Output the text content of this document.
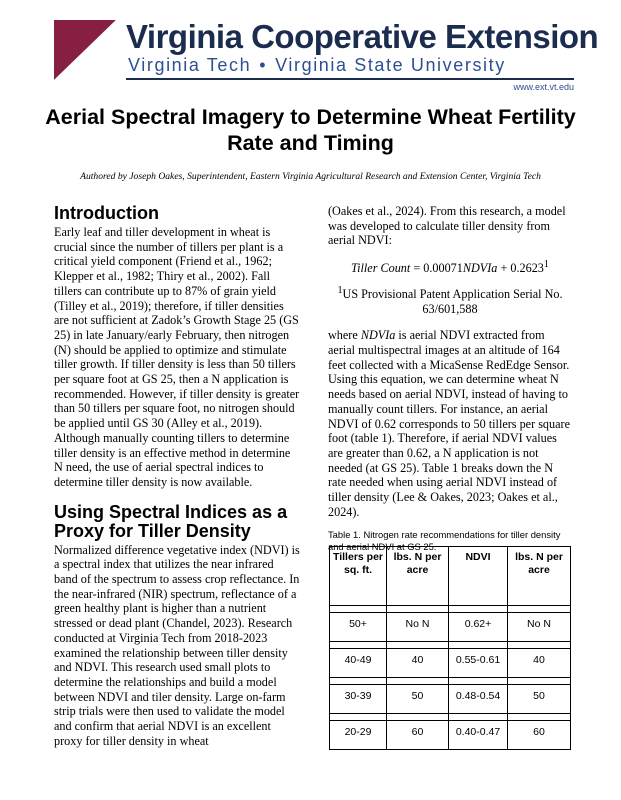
Virginia Cooperative Extension
Virginia Tech • Virginia State University
www.ext.vt.edu
Aerial Spectral Imagery to Determine Wheat Fertility Rate and Timing
Authored by Joseph Oakes, Superintendent, Eastern Virginia Agricultural Research and Extension Center, Virginia Tech
Introduction

Early leaf and tiller development in wheat is crucial since the number of tillers per plant is a critical yield component (Friend et al., 1962; Klepper et al., 1982; Thiry et al., 2002). Fall tillers can contribute up to 87% of grain yield (Tilley et al., 2019); therefore, if tiller densities are not sufficient at Zadok’s Growth Stage 25 (GS 25) in late January/early February, then nitrogen (N) should be applied to optimize and stimulate tiller growth. If tiller density is less than 50 tillers per square foot at GS 25, then a N application is recommended. However, if tiller density is greater than 50 tillers per square foot, no nitrogen should be applied until GS 30 (Alley et al., 2019). Although manually counting tillers to determine tiller density is an effective method in determine N need, the use of aerial spectral indices to determine tiller density is now available.

Using Spectral Indices as a Proxy for Tiller Density

Normalized difference vegetative index (NDVI) is a spectral index that utilizes the near infrared band of the spectrum to assess crop reflectance. In the near-infrared (NIR) spectrum, reflectance of a green healthy plant is higher than a nutrient stressed or dead plant (Chandel, 2023). Research conducted at Virginia Tech from 2018-2023 examined the relationship between tiller density and NDVI. This research used small plots to determine the relationships and build a model between NDVI and tiler density. Large on-farm strip trials were then used to validate the model and confirm that aerial NDVI is an excellent proxy for tiller density in wheat

(Oakes et al., 2024). From this research, a model was developed to calculate tiller density from aerial NDVI:

Tiller Count = 0.00071NDVIa + $0.2623^1$

$^1$US Provisional Patent Application Serial No. 63/601,588

where NDVIa is aerial NDVI extracted from aerial multispectral images at an altitude of 164 feet collected with a MicaSense RedEdge Sensor. Using this equation, we can determine wheat N needs based on aerial NDVI, instead of having to manually count tillers. For instance, an aerial NDVI of 0.62 corresponds to 50 tillers per square foot (table 1). Therefore, if aerial NDVI values are greater than 0.62, a N application is not needed (at GS 25). Table 1 breaks down the N rate needed when using aerial NDVI instead of tiller density (Lee & Oakes, 2023; Oakes et al., 2024).

Table 1. Nitrogen rate recommendations for tiller density and aerial NDVI at GS 25.

Tillers per sq. ft.	lbs. N per acre	NDVI	lbs. N per acre

50+	No N	0.62+	No N

40-49	40	0.55-0.61	40

30-39	50	0.48-0.54	50

20-29	60	0.40-0.47	60
